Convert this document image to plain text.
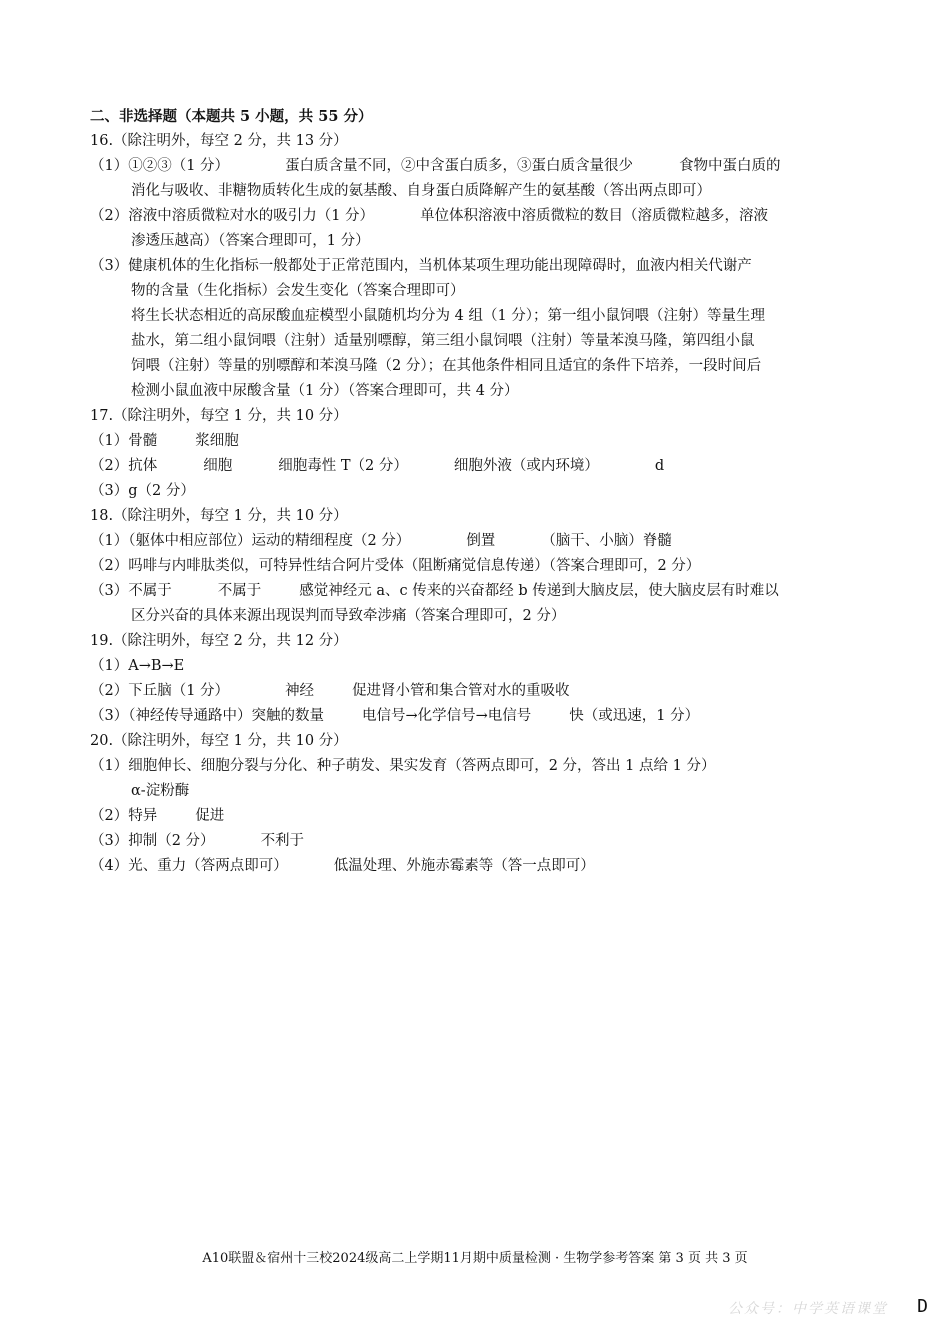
二、非选择题（本题共 5 小题，共 55 分）
16.（除注明外，每空 2 分，共 13 分）
（1）①②③（1 分）	蛋白质含量不同，②中含蛋白质多，③蛋白质含量很少	食物中蛋白质的
消化与吸收、非糖物质转化生成的氨基酸、自身蛋白质降解产生的氨基酸（答出两点即可）
（2）溶液中溶质微粒对水的吸引力（1 分）	单位体积溶液中溶质微粒的数目（溶质微粒越多，溶液
渗透压越高）（答案合理即可，1 分）
（3）健康机体的生化指标一般都处于正常范围内，当机体某项生理功能出现障碍时，血液内相关代谢产
物的含量（生化指标）会发生变化（答案合理即可）
将生长状态相近的高尿酸血症模型小鼠随机均分为 4 组（1 分）；第一组小鼠饲喂（注射）等量生理
盐水，第二组小鼠饲喂（注射）适量别嘌醇，第三组小鼠饲喂（注射）等量苯溴马隆，第四组小鼠
饲喂（注射）等量的别嘌醇和苯溴马隆（2 分）；在其他条件相同且适宜的条件下培养，一段时间后
检测小鼠血液中尿酸含量（1 分）（答案合理即可，共 4 分）
17.（除注明外，每空 1 分，共 10 分）
（1）骨髓	浆细胞
（2）抗体	细胞	细胞毒性 T（2 分）	细胞外液（或内环境）	d
（3）g（2 分）
18.（除注明外，每空 1 分，共 10 分）
（1）（躯体中相应部位）运动的精细程度（2 分）	倒置	（脑干、小脑）脊髓
（2）吗啡与内啡肽类似，可特异性结合阿片受体（阻断痛觉信息传递）（答案合理即可，2 分）
（3）不属于	不属于	感觉神经元 a、c 传来的兴奋都经 b 传递到大脑皮层，使大脑皮层有时难以
区分兴奋的具体来源出现误判而导致牵涉痛（答案合理即可，2 分）
19.（除注明外，每空 2 分，共 12 分）
（1）A→B→E
（2）下丘脑（1 分）	神经	促进肾小管和集合管对水的重吸收
（3）（神经传导通路中）突触的数量	电信号→化学信号→电信号	快（或迅速，1 分）
20.（除注明外，每空 1 分，共 10 分）
（1）细胞伸长、细胞分裂与分化、种子萌发、果实发育（答两点即可，2 分，答出 1 点给 1 分）
α-淀粉酶
（2）特异	促进
（3）抑制（2 分）	不利于
（4）光、重力（答两点即可）	低温处理、外施赤霉素等（答一点即可）
A10联盟＆宿州十三校2024级高二上学期11月期中质量检测 · 生物学参考答案 第 3 页 共 3 页
公众号：中学英语课堂 D
